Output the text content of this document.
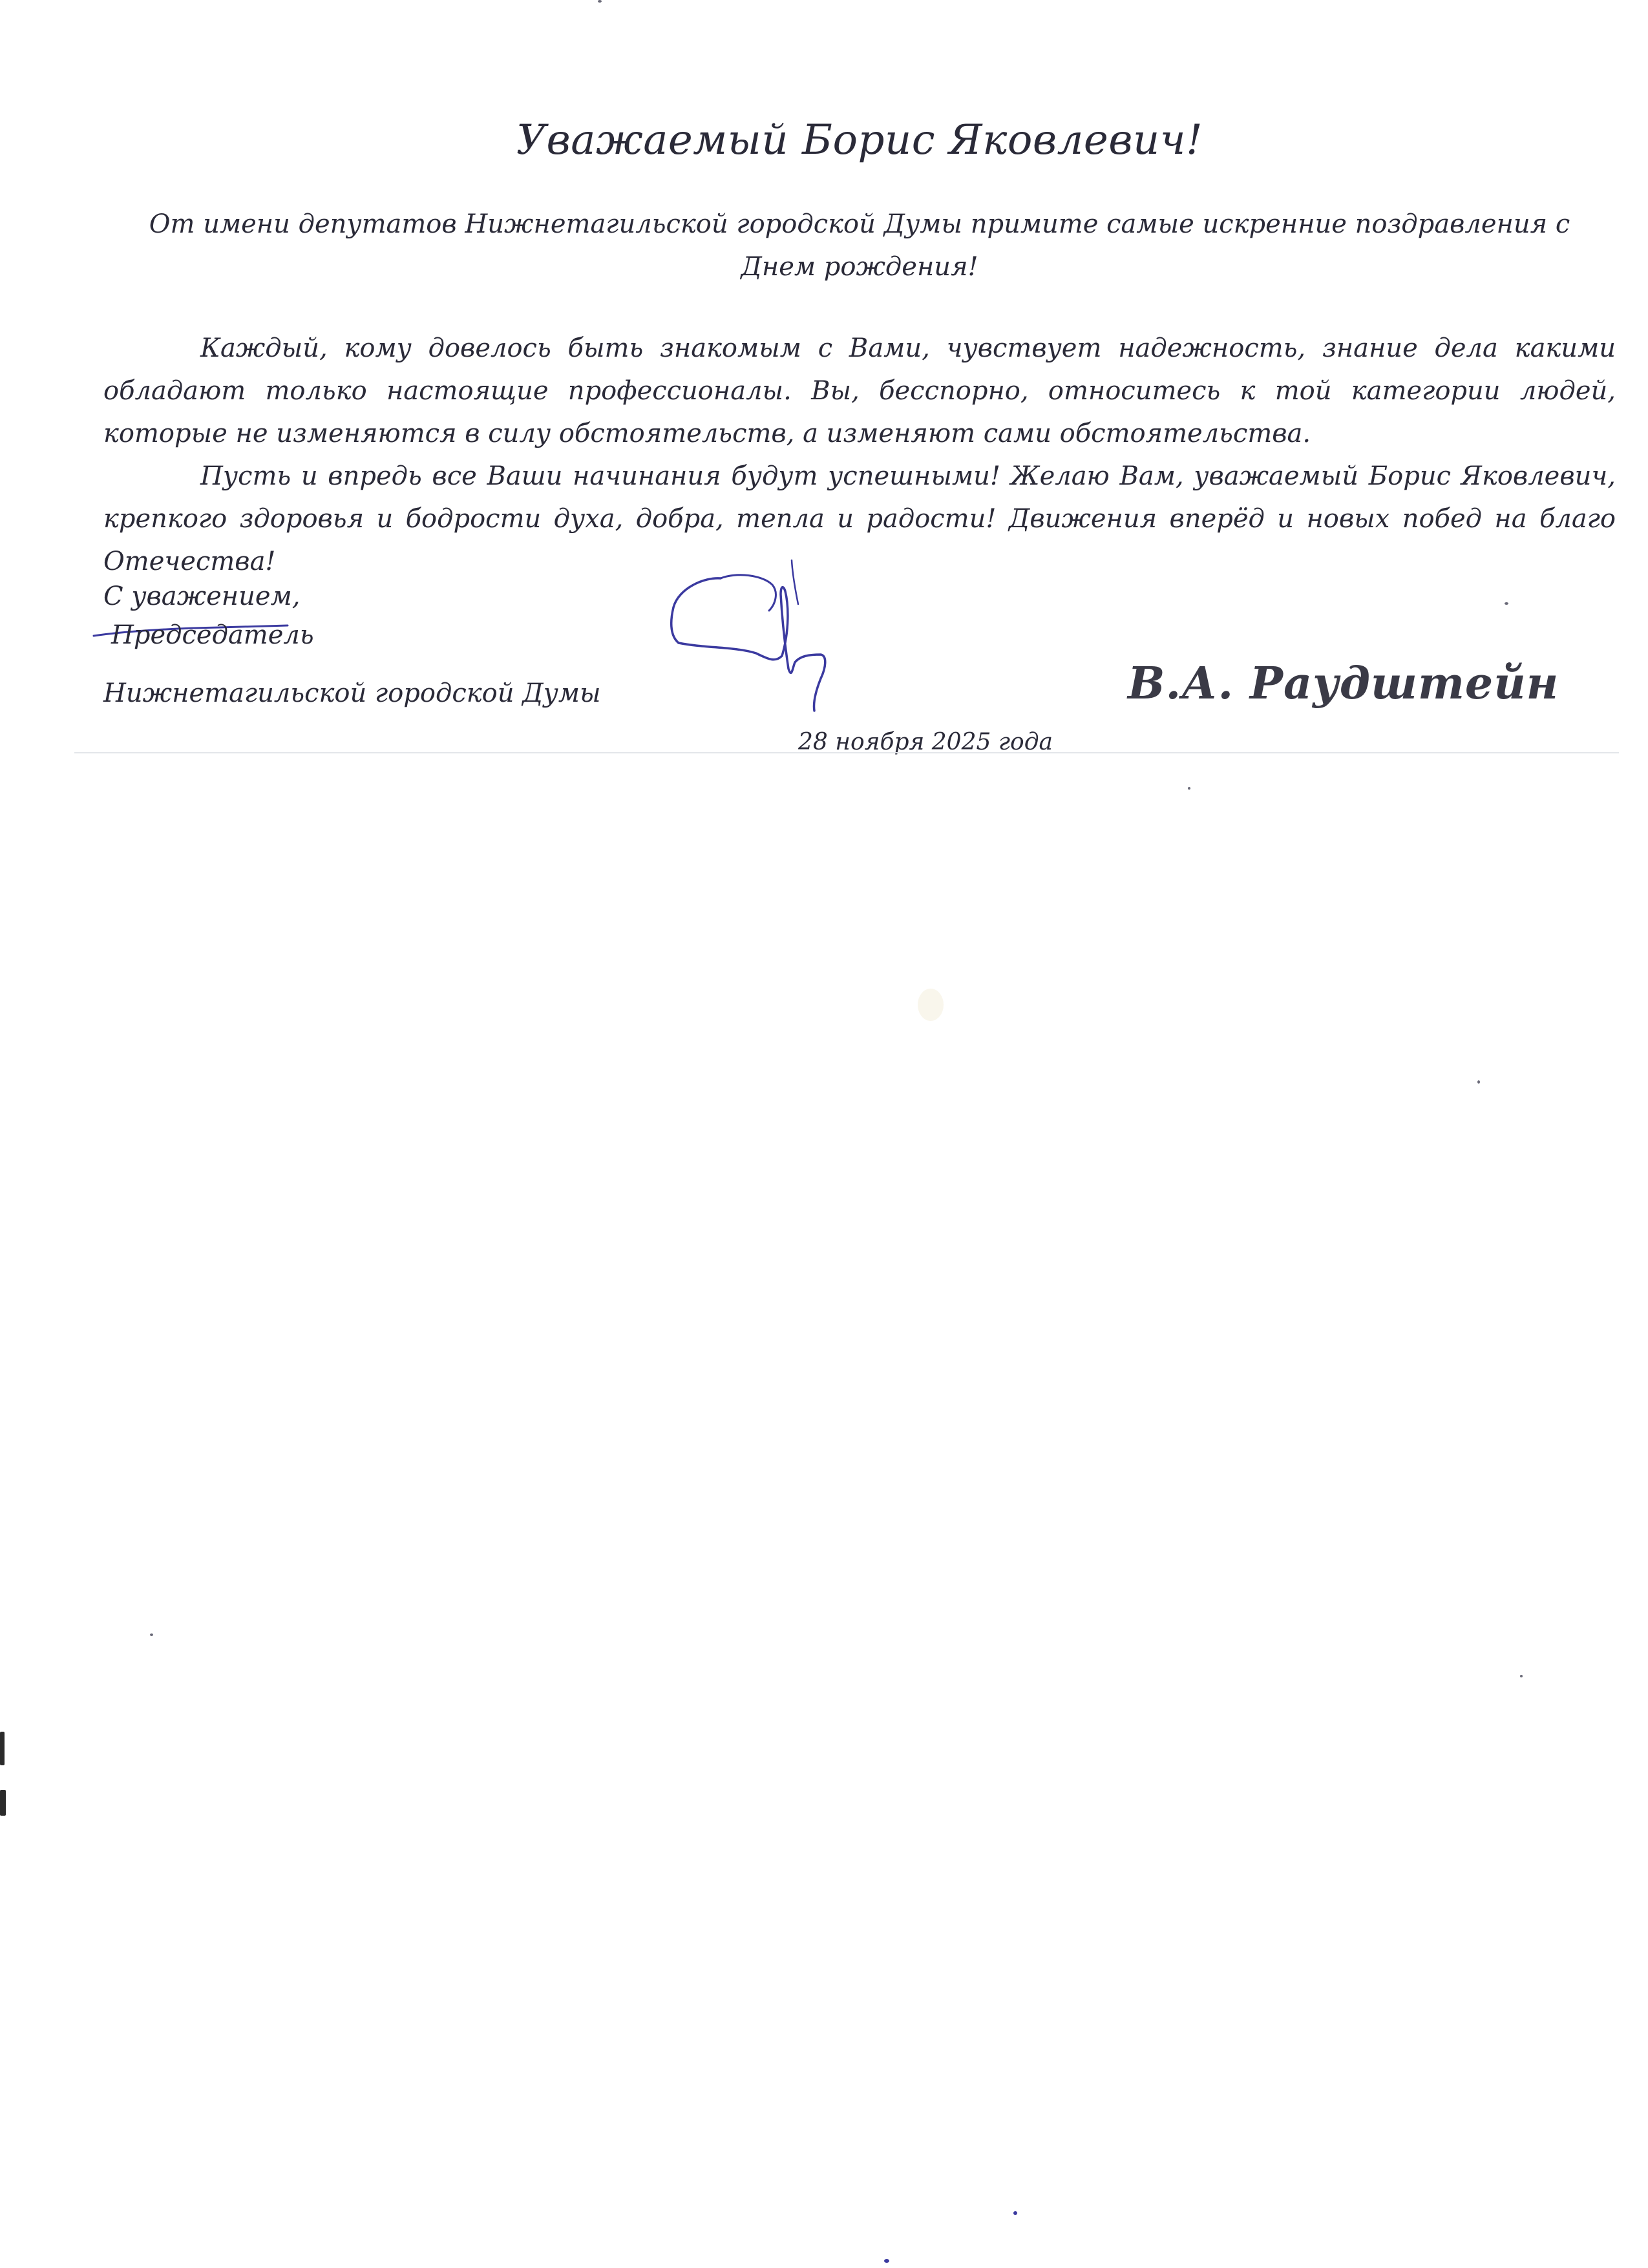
Уважаемый Борис Яковлевич!
От имени депутатов Нижнетагильской городской Думы примите самые искренние поздравления с Днем рождения!

Каждый, кому довелось быть знакомым с Вами, чувствует надежность, знание дела какими обладают только настоящие профессионалы. Вы, бесспорно, относитесь к той категории людей, которые не изменяются в силу обстоятельств, а изменяют сами обстоятельства.

Пусть и впредь все Ваши начинания будут успешными! Желаю Вам, уважаемый Борис Яковлевич, крепкого здоровья и бодрости духа, добра, тепла и радости! Движения вперёд и новых побед на благо Отечества!

С уважением,
Председатель
Нижнетагильской городской Думы	В.А. Раудштейн
28 ноября 2025 года
